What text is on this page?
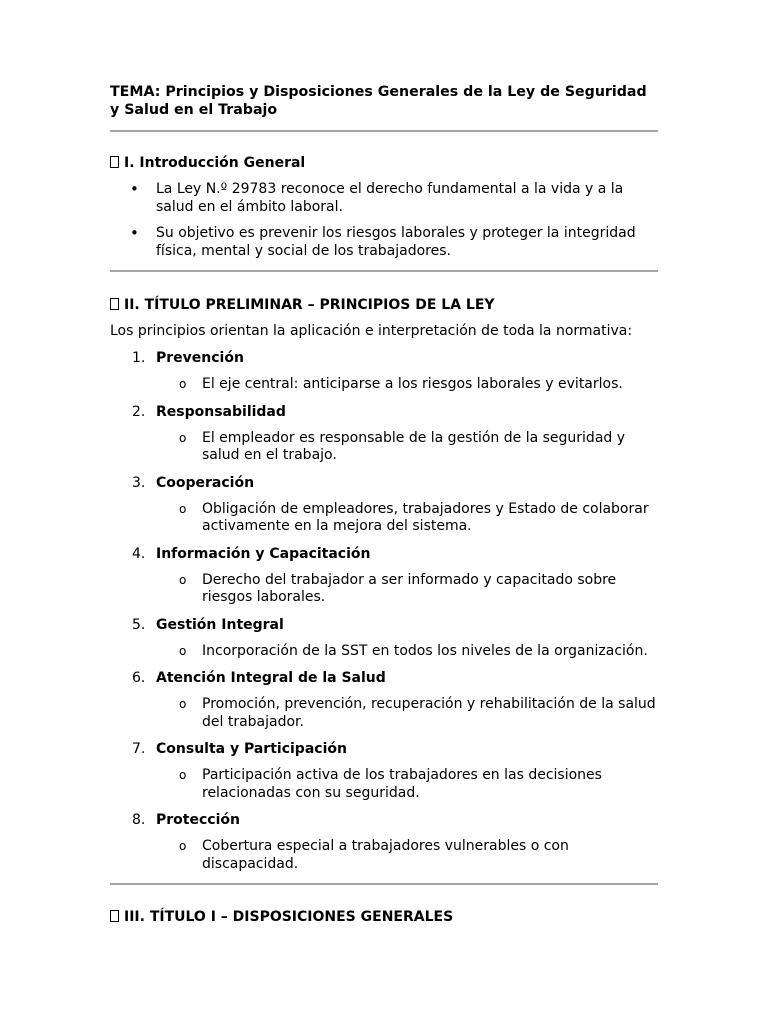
TEMA: Principios y Disposiciones Generales de la Ley de Seguridad y Salud en el Trabajo

I. Introducción General

• La Ley N.º 29783 reconoce el derecho fundamental a la vida y a la salud en el ámbito laboral.
• Su objetivo es prevenir los riesgos laborales y proteger la integridad física, mental y social de los trabajadores.

II. TÍTULO PRELIMINAR – PRINCIPIOS DE LA LEY

Los principios orientan la aplicación e interpretación de toda la normativa:

1. Prevención
o El eje central: anticiparse a los riesgos laborales y evitarlos.
2. Responsabilidad
o El empleador es responsable de la gestión de la seguridad y salud en el trabajo.
3. Cooperación
o Obligación de empleadores, trabajadores y Estado de colaborar activamente en la mejora del sistema.
4. Información y Capacitación
o Derecho del trabajador a ser informado y capacitado sobre riesgos laborales.
5. Gestión Integral
o Incorporación de la SST en todos los niveles de la organización.
6. Atención Integral de la Salud
o Promoción, prevención, recuperación y rehabilitación de la salud del trabajador.
7. Consulta y Participación
o Participación activa de los trabajadores en las decisiones relacionadas con su seguridad.
8. Protección
o Cobertura especial a trabajadores vulnerables o con discapacidad.

III. TÍTULO I – DISPOSICIONES GENERALES
